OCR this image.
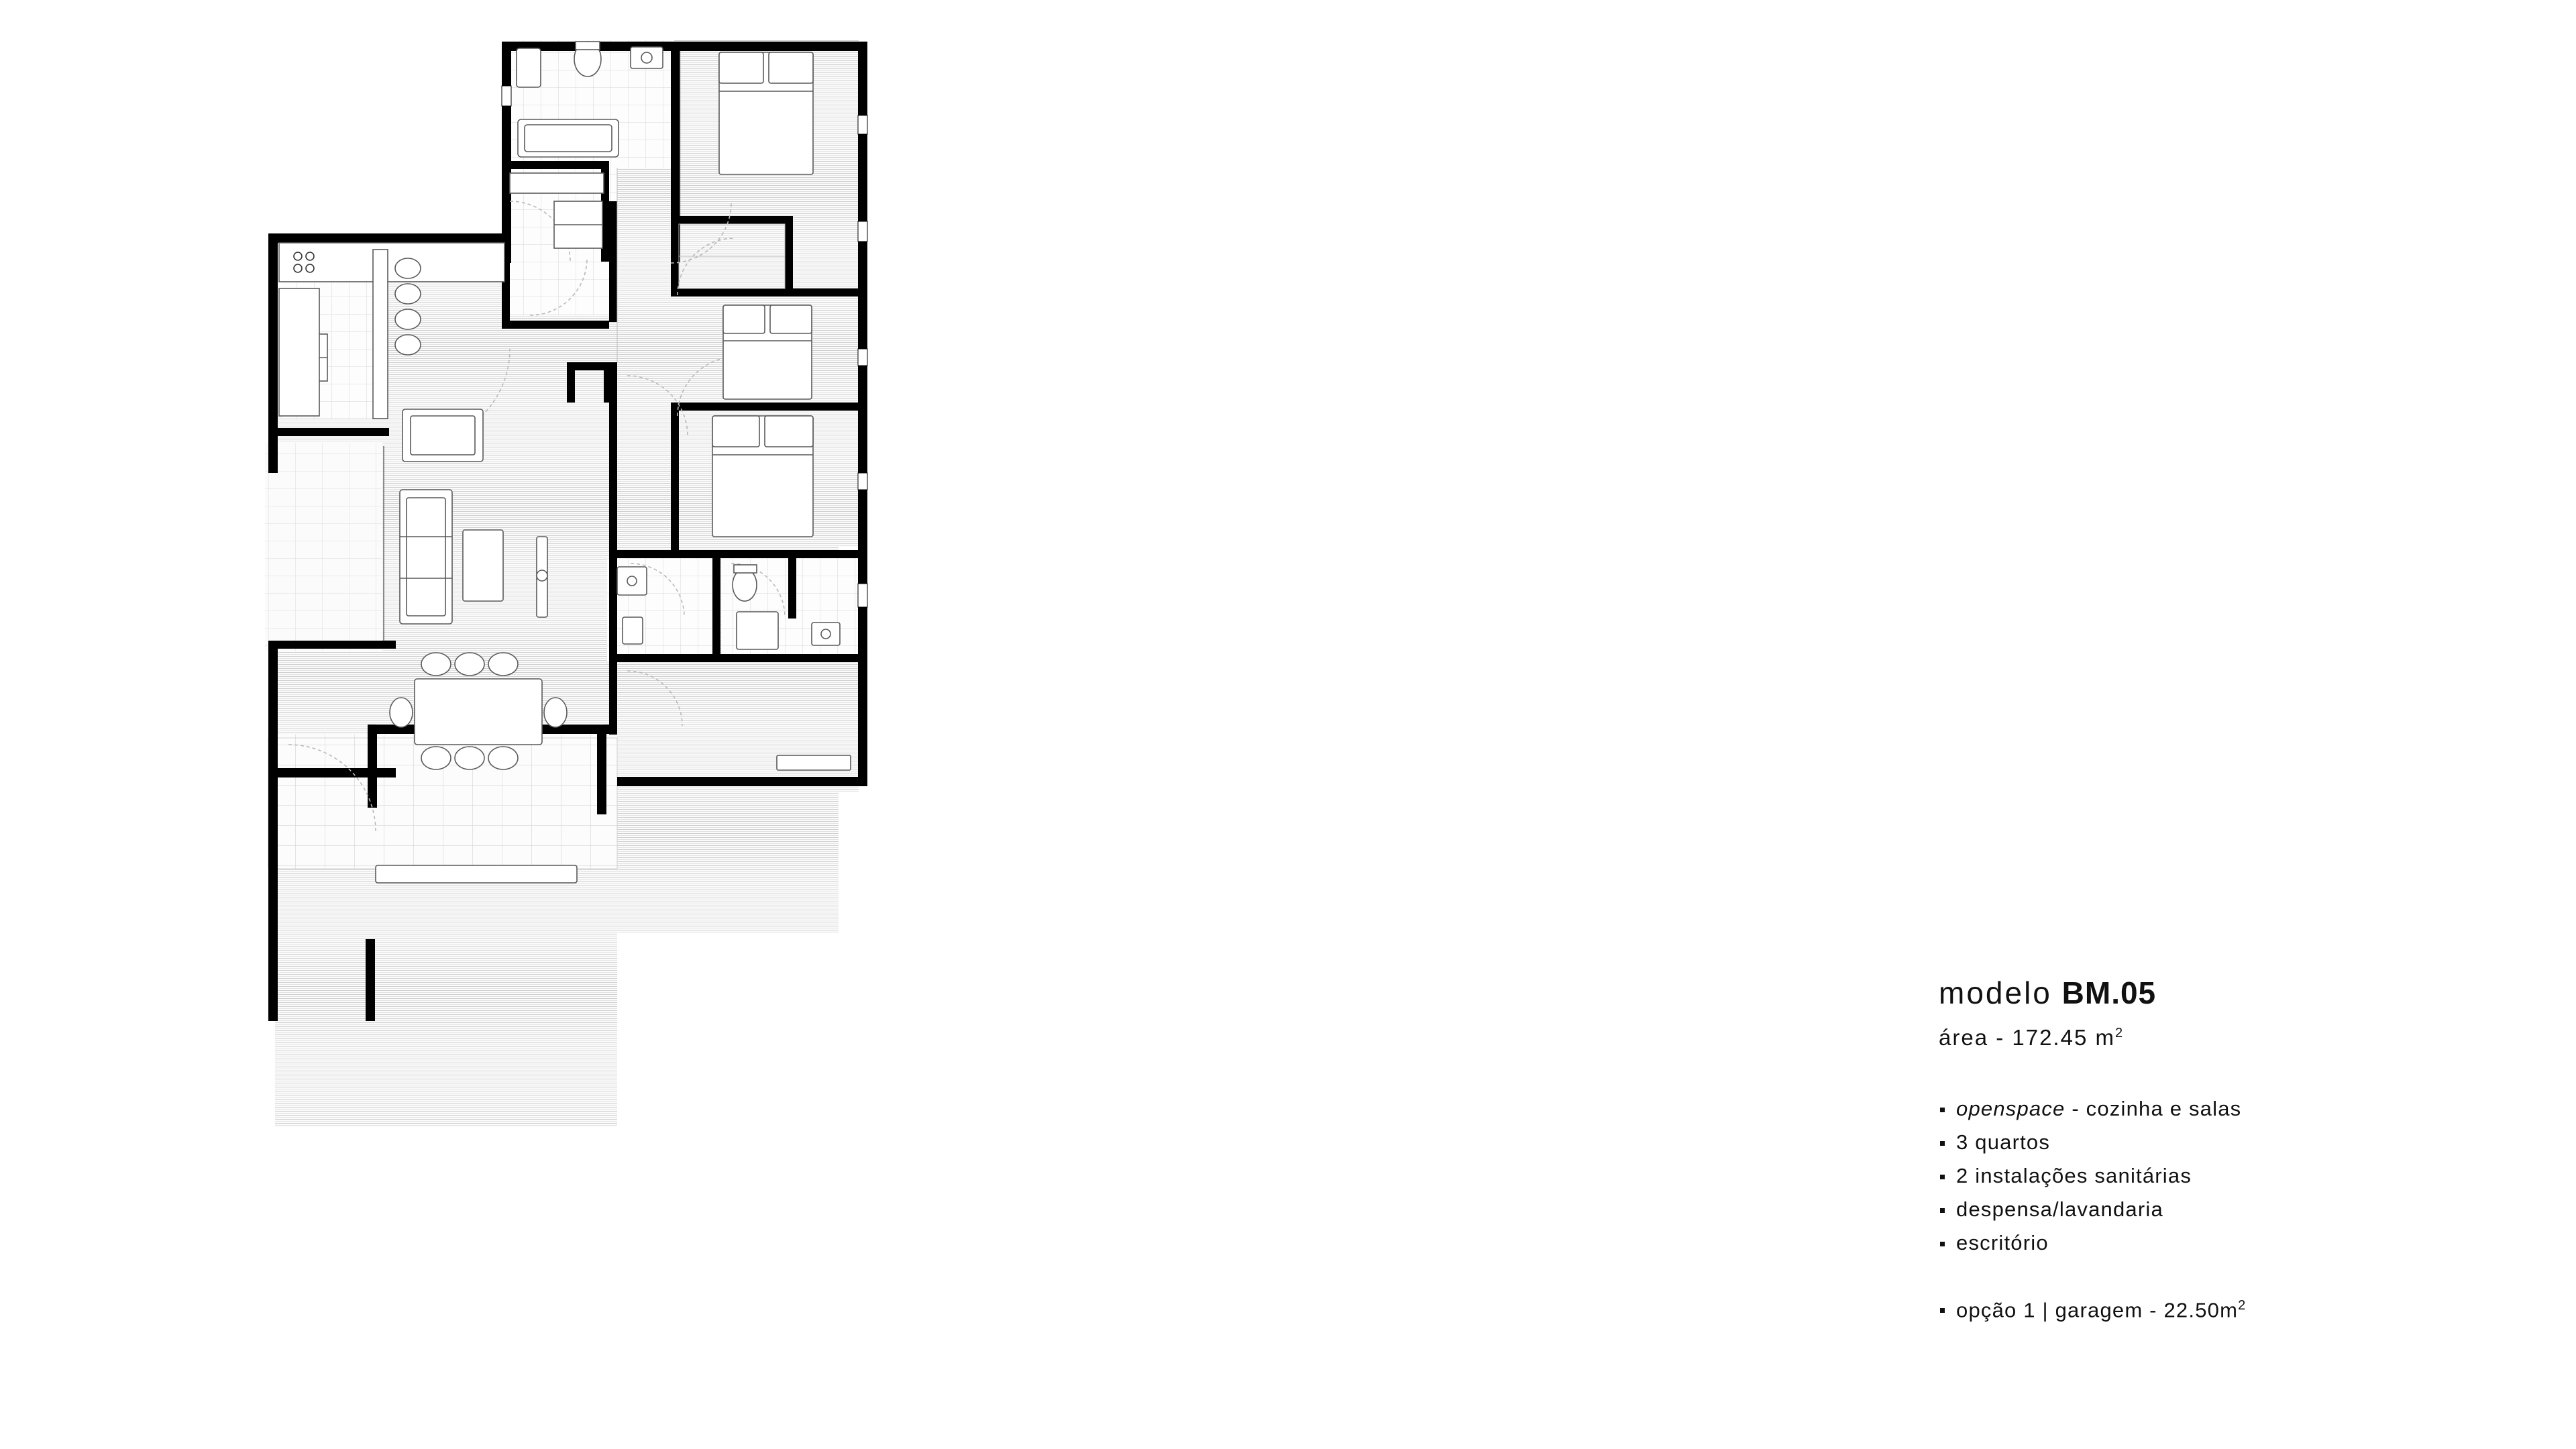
modelo BM.05
área - 172.45 $m^2$
openspace - cozinha e salas
3 quartos
2 instalações sanitárias
despensa/lavandaria
escritório
opção 1 | garagem - $22.50m^2$
